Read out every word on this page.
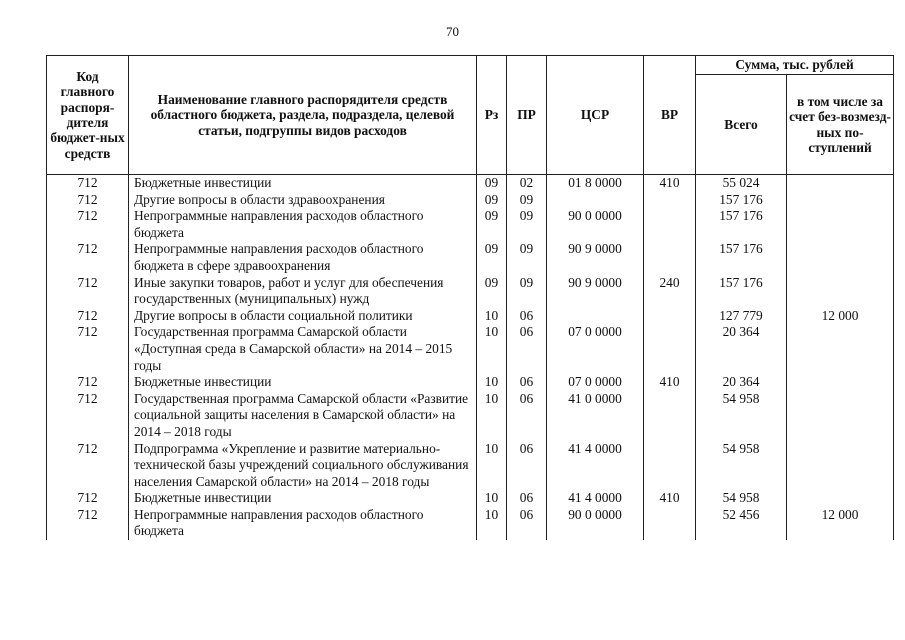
70
Код главного распоря-дителя бюджет-ных средств	Наименование главного распорядителя средств областного бюджета, раздела, подраздела, целевой статьи, подгруппы видов расходов	Рз	ПР	ЦСР	ВР	Сумма, тыс. рублей	
						Всего	в том числе за счет без-возмезд-ных по-ступлений
712	Бюджетные инвестиции	09	02	01 8 0000	410	55 024	
712	Другие вопросы в области здравоохранения	09	09			157 176	
712	Непрограммные направления расходов областного бюджета	09	09	90 0 0000		157 176	
712	Непрограммные направления расходов областного бюджета в сфере здравоохранения	09	09	90 9 0000		157 176	
712	Иные закупки товаров, работ и услуг для обеспечения государственных (муниципальных) нужд	09	09	90 9 0000	240	157 176	
712	Другие вопросы в области социальной политики	10	06			127 779	12 000
712	Государственная программа Самарской области «Доступная среда в Самарской области» на 2014 – 2015 годы	10	06	07 0 0000		20 364	
712	Бюджетные инвестиции	10	06	07 0 0000	410	20 364	
712	Государственная программа Самарской области «Развитие социальной защиты населения в Самарской области» на 2014 – 2018 годы	10	06	41 0 0000		54 958	
712	Подпрограмма «Укрепление и развитие материально-технической базы учреждений социального обслуживания населения Самарской области» на 2014 – 2018 годы	10	06	41 4 0000		54 958	
712	Бюджетные инвестиции	10	06	41 4 0000	410	54 958	
712	Непрограммные направления расходов областного бюджета	10	06	90 0 0000		52 456	12 000
